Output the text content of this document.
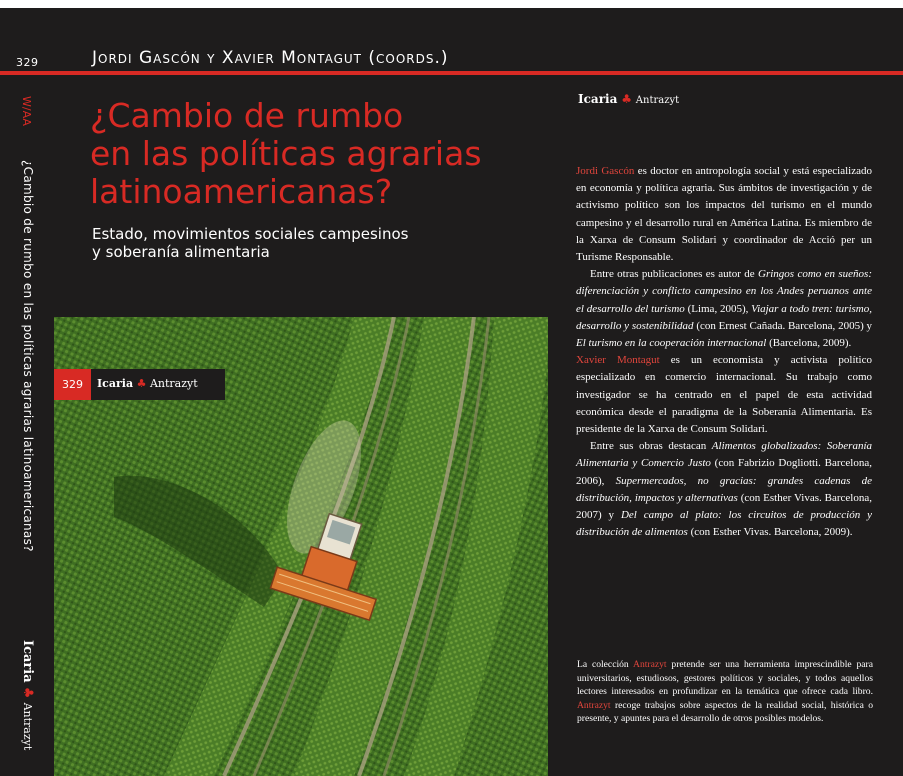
329	Jordi Gascón y Xavier Montagut (coords.)
W/AA
¿Cambio de rumbo en las políticas agrarias latinoamericanas?
Icaria ♣ Antrazyt
¿Cambio de rumbo
en las políticas agrarias
latinoamericanas?
Estado, movimientos sociales campesinos
y soberanía alimentaria
329	Icaria ♣ Antrazyt
Icaria ♣ Antrazyt

Jordi Gascón es doctor en antropología social y está especializado en economía y política agraria. Sus ámbitos de investigación y de activismo político son los impactos del turismo en el mundo campesino y el desarrollo rural en América Latina. Es miembro de la Xarxa de Consum Solidari y coordinador de Acció per un Turisme Responsable.

Entre otras publicaciones es autor de Gringos como en sueños: diferenciación y conflicto campesino en los Andes peruanos ante el desarrollo del turismo (Lima, 2005), Viajar a todo tren: turismo, desarrollo y sostenibilidad (con Ernest Cañada. Barcelona, 2005) y El turismo en la cooperación internacional (Barcelona, 2009).

Xavier Montagut es un economista y activista político especializado en comercio internacional. Su trabajo como investigador se ha centrado en el papel de esta actividad económica desde el paradigma de la Soberanía Alimentaria. Es presidente de la Xarxa de Consum Solidari.

Entre sus obras destacan Alimentos globalizados: Soberanía Alimentaria y Comercio Justo (con Fabrizio Dogliotti. Barcelona, 2006), Supermercados, no gracias: grandes cadenas de distribución, impactos y alternativas (con Esther Vivas. Barcelona, 2007) y Del campo al plato: los circuitos de producción y distribución de alimentos (con Esther Vivas. Barcelona, 2009).

La colección Antrazyt pretende ser una herramienta imprescindible para universitarios, estudiosos, gestores políticos y sociales, y todos aquellos lectores interesados en profundizar en la temática que ofrece cada libro. Antrazyt recoge trabajos sobre aspectos de la realidad social, histórica o presente, y apuntes para el desarrollo de otros posibles modelos.
